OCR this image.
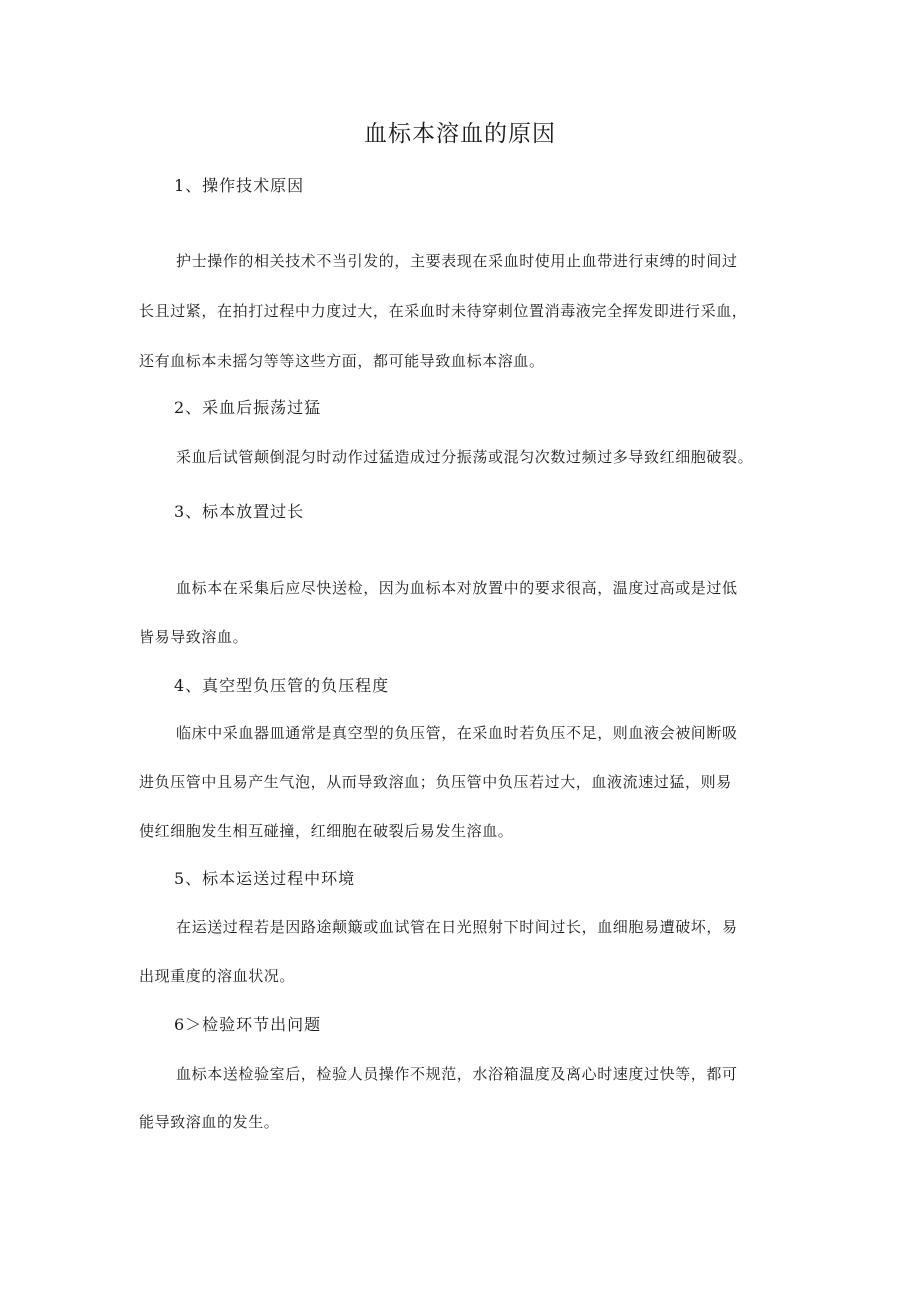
血标本溶血的原因
1、操作技术原因
护士操作的相关技术不当引发的，主要表现在采血时使用止血带进行束缚的时间过
长且过紧，在拍打过程中力度过大，在采血时未待穿刺位置消毒液完全挥发即进行采血，
还有血标本未摇匀等等这些方面，都可能导致血标本溶血。
2、采血后振荡过猛
采血后试管颠倒混匀时动作过猛造成过分振荡或混匀次数过频过多导致红细胞破裂。
3、标本放置过长
血标本在采集后应尽快送检，因为血标本对放置中的要求很高，温度过高或是过低
皆易导致溶血。
4、真空型负压管的负压程度
临床中采血器皿通常是真空型的负压管，在采血时若负压不足，则血液会被间断吸
进负压管中且易产生气泡，从而导致溶血；负压管中负压若过大，血液流速过猛，则易
使红细胞发生相互碰撞，红细胞在破裂后易发生溶血。
5、标本运送过程中环境
在运送过程若是因路途颠簸或血试管在日光照射下时间过长，血细胞易遭破坏，易
出现重度的溶血状况。
6＞检验环节出问题
血标本送检验室后，检验人员操作不规范，水浴箱温度及离心时速度过快等，都可
能导致溶血的发生。
